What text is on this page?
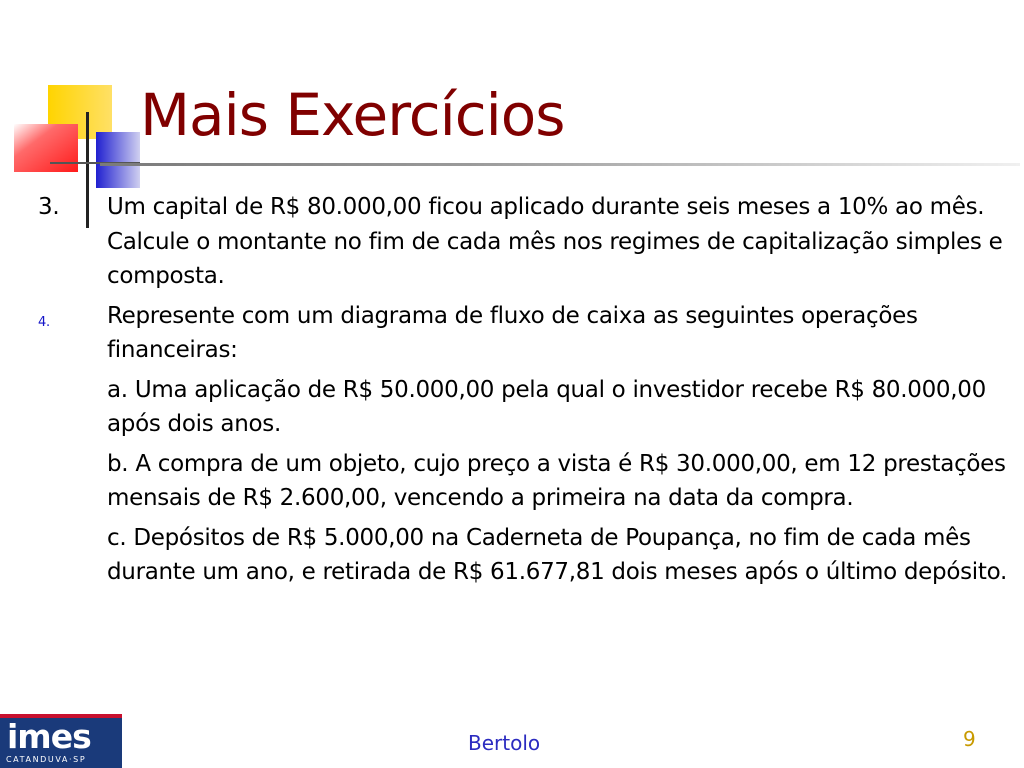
Mais Exercícios
3. Um capital de R$ 80.000,00 ficou aplicado durante seis meses a 10% ao mês. Calcule o montante no fim de cada mês nos regimes de capitalização simples e composta.
4. Represente com um diagrama de fluxo de caixa as seguintes operações financeiras:
a. Uma aplicação de R$ 50.000,00 pela qual o investidor recebe R$ 80.000,00 após dois anos.
b. A compra de um objeto, cujo preço a vista é R$ 30.000,00, em 12 prestações mensais de R$ 2.600,00, vencendo a primeira na data da compra.
c. Depósitos de R$ 5.000,00 na Caderneta de Poupança, no fim de cada mês durante um ano, e retirada de R$ 61.677,81 dois meses após o último depósito.
imes
CATANDUVA·SP
Bertolo	9
